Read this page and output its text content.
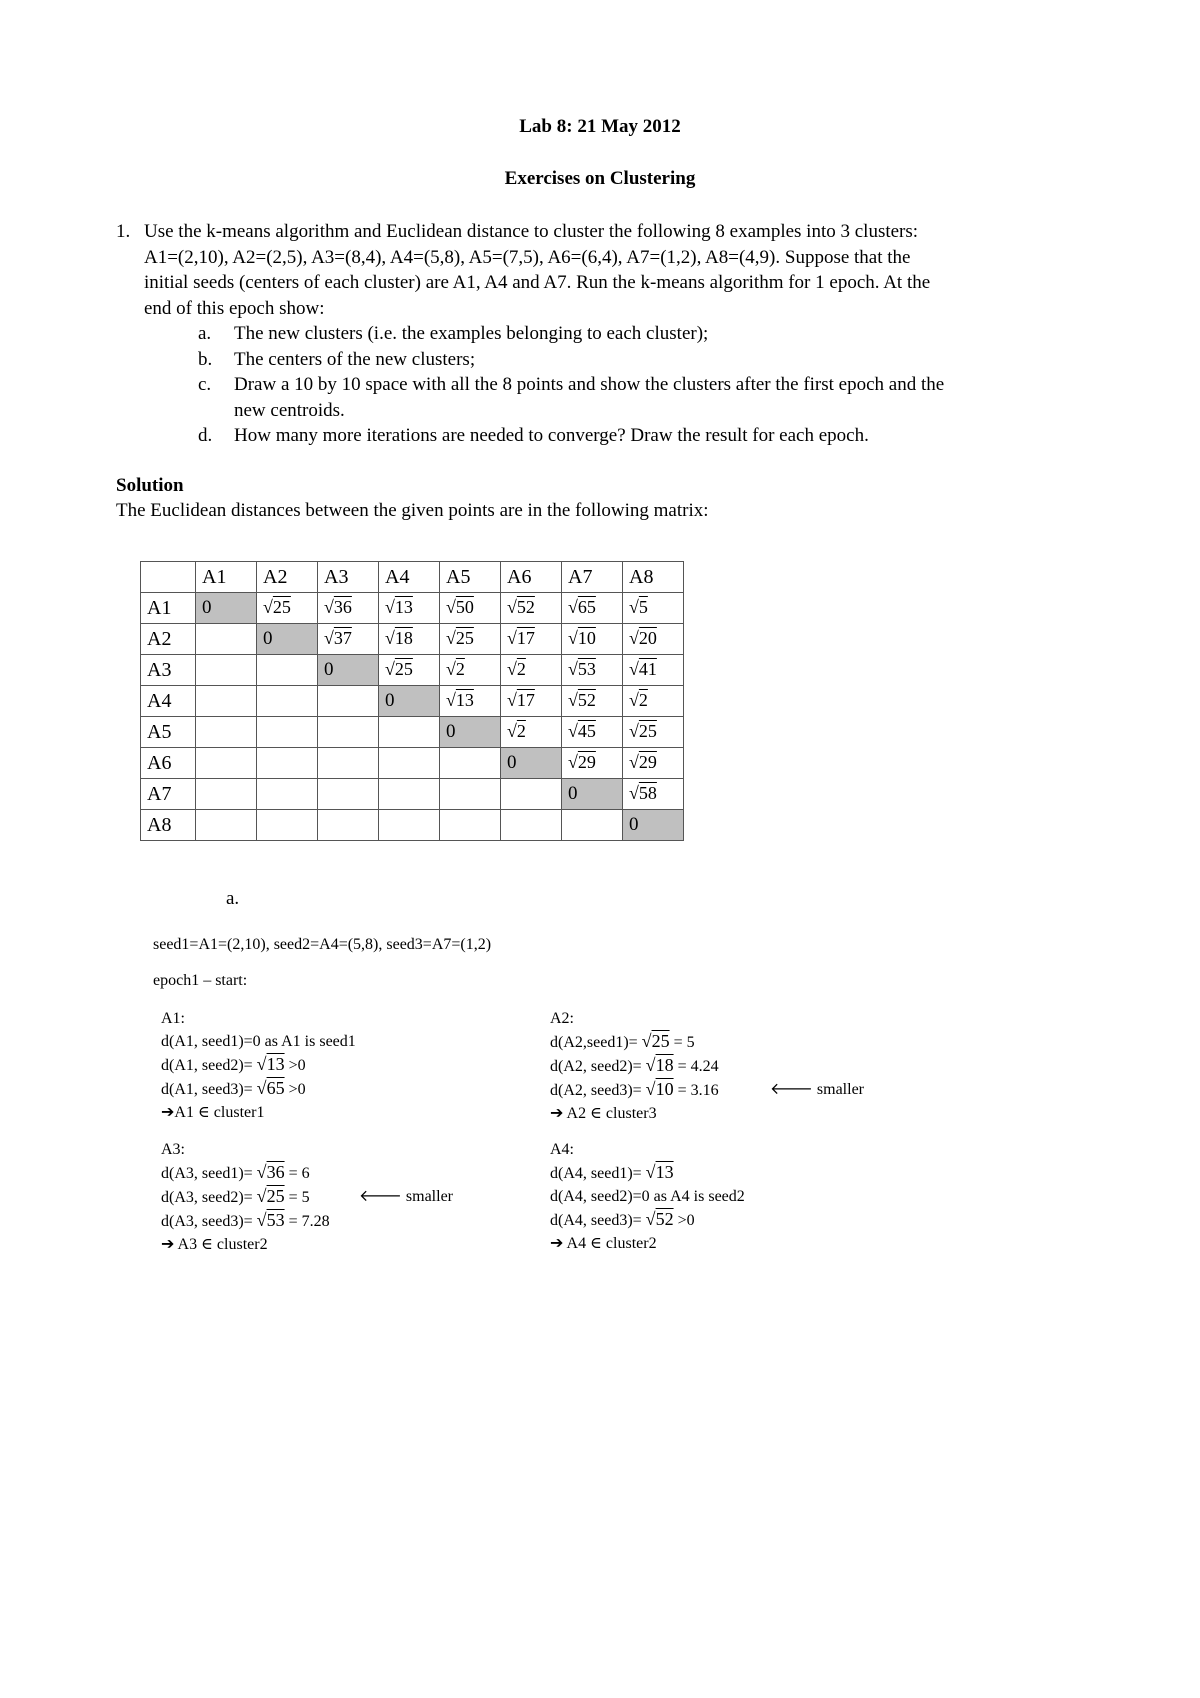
Lab 8: 21 May 2012
Exercises on Clustering
1. Use the k-means algorithm and Euclidean distance to cluster the following 8 examples into 3 clusters:
A1=(2,10), A2=(2,5), A3=(8,4), A4=(5,8), A5=(7,5), A6=(6,4), A7=(1,2), A8=(4,9). Suppose that the
initial seeds (centers of each cluster) are A1, A4 and A7. Run the k-means algorithm for 1 epoch. At the
end of this epoch show:
a. The new clusters (i.e. the examples belonging to each cluster);
b. The centers of the new clusters;
c. Draw a 10 by 10 space with all the 8 points and show the clusters after the first epoch and the
new centroids.
d. How many more iterations are needed to converge? Draw the result for each epoch.
Solution
The Euclidean distances between the given points are in the following matrix:
	A1	A2	A3	A4	A5	A6	A7	A8
A1	0	√25	√36	√13	√50	√52	√65	√5
A2		0	√37	√18	√25	√17	√10	√20
A3			0	√25	√2	√2	√53	√41
A4				0	√13	√17	√52	√2
A5					0	√2	√45	√25
A6						0	√29	√29
A7							0	√58
A8								0
a.
seed1=A1=(2,10), seed2=A4=(5,8), seed3=A7=(1,2)
epoch1 – start:
A1:
d(A1, seed1)=0 as A1 is seed1
d(A1, seed2)= √13 >0
d(A1, seed3)= √65 >0
➔A1 ∈ cluster1
A2:
d(A2,seed1)= √25 = 5
d(A2, seed2)= √18 = 4.24
d(A2, seed3)= √10 = 3.16	🡐 smaller
➔ A2 ∈ cluster3
A3:
d(A3, seed1)= √36 = 6
d(A3, seed2)= √25 = 5	🡐 smaller
d(A3, seed3)= √53 = 7.28
➔ A3 ∈ cluster2
A4:
d(A4, seed1)= √13
d(A4, seed2)=0 as A4 is seed2
d(A4, seed3)= √52 >0
➔ A4 ∈ cluster2
